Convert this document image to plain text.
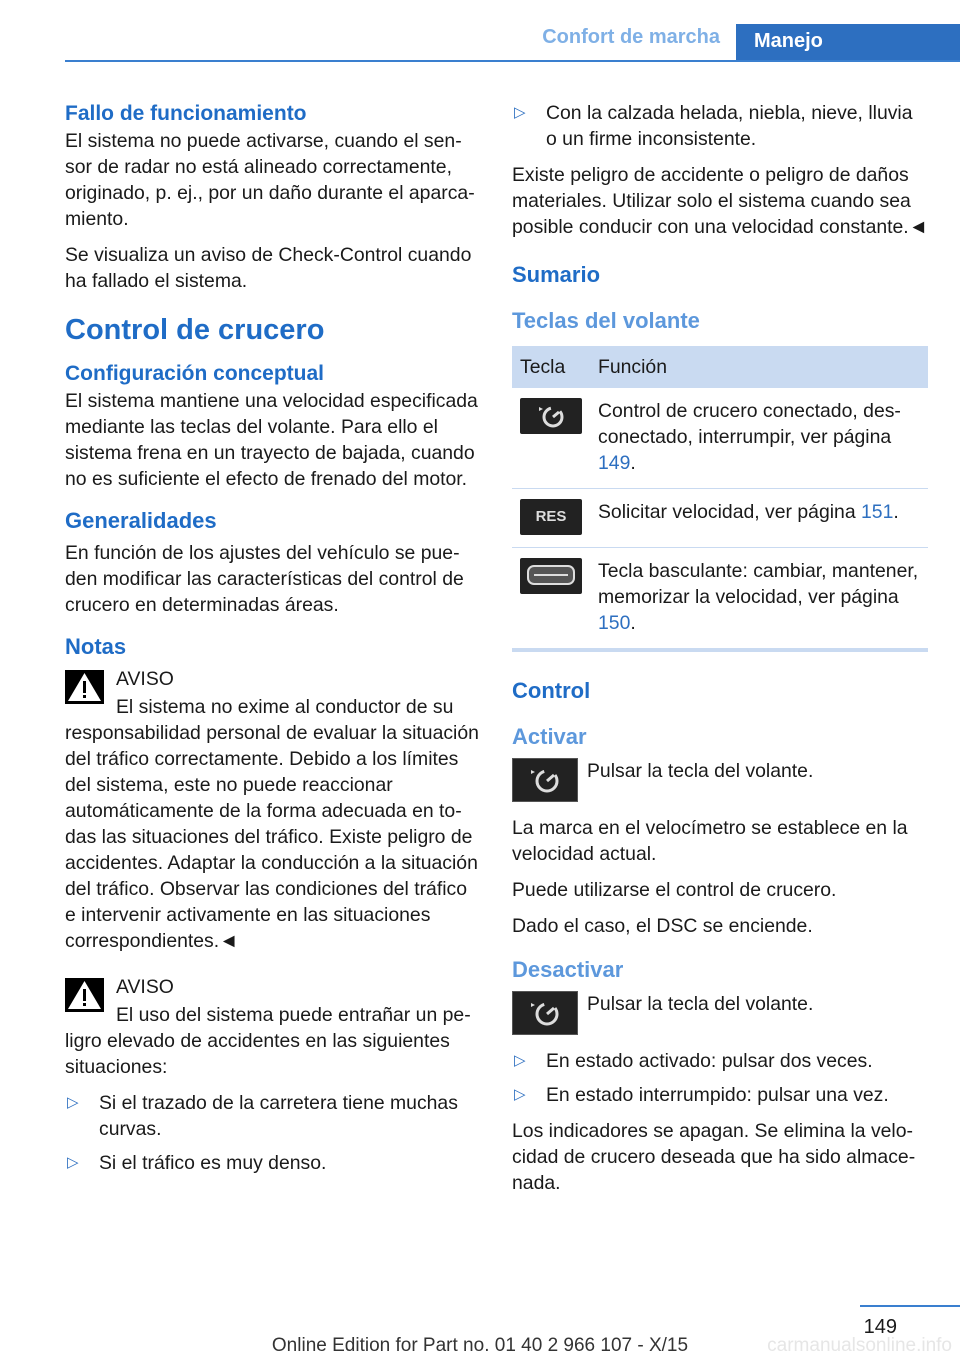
Confort de marcha	Manejo
Fallo de funcionamiento

El sistema no puede activarse, cuando el sensor de radar no está alineado correctamente, originado, p. ej., por un daño durante el aparcamiento.

Se visualiza un aviso de Check-Control cuando ha fallado el sistema.

Control de crucero
Configuración conceptual

El sistema mantiene una velocidad especificada mediante las teclas del volante. Para ello el sistema frena en un trayecto de bajada, cuando no es suficiente el efecto de frenado del motor.

Generalidades

En función de los ajustes del vehículo se pueden modificar las características del control de crucero en determinadas áreas.

Notas

AVISO

El sistema no exime al conductor de su responsabilidad personal de evaluar la situación del tráfico correctamente. Debido a los límites del sistema, este no puede reaccionar automáticamente de la forma adecuada en todas las situaciones del tráfico. Existe peligro de accidentes. Adaptar la conducción a la situación del tráfico. Observar las condiciones del tráfico e intervenir activamente en las situaciones correspondientes.◄

AVISO

El uso del sistema puede entrañar un peligro elevado de accidentes en las siguientes situaciones:

▷ Si el trazado de la carretera tiene muchas curvas.
▷ Si el tráfico es muy denso.
▷ Con la calzada helada, niebla, nieve, lluvia o un firme inconsistente.

Existe peligro de accidente o peligro de daños materiales. Utilizar solo el sistema cuando sea posible conducir con una velocidad constante.◄

Sumario
Teclas del volante
Tecla	Función

	Control de crucero conectado, desconectado, interrumpir, ver página 149.
RES	Solicitar velocidad, ver página 151.

	Tecla basculante: cambiar, mantener, memorizar la velocidad, ver página 150.
Control
Activar
Pulsar la tecla del volante.

La marca en el velocímetro se establece en la velocidad actual.

Puede utilizarse el control de crucero.

Dado el caso, el DSC se enciende.

Desactivar
Pulsar la tecla del volante.
▷ En estado activado: pulsar dos veces.
▷ En estado interrumpido: pulsar una vez.

Los indicadores se apagan. Se elimina la velocidad de crucero deseada que ha sido almacenada.

149
Online Edition for Part no. 01 40 2 966 107 - X/15	carmanualsonline.info
